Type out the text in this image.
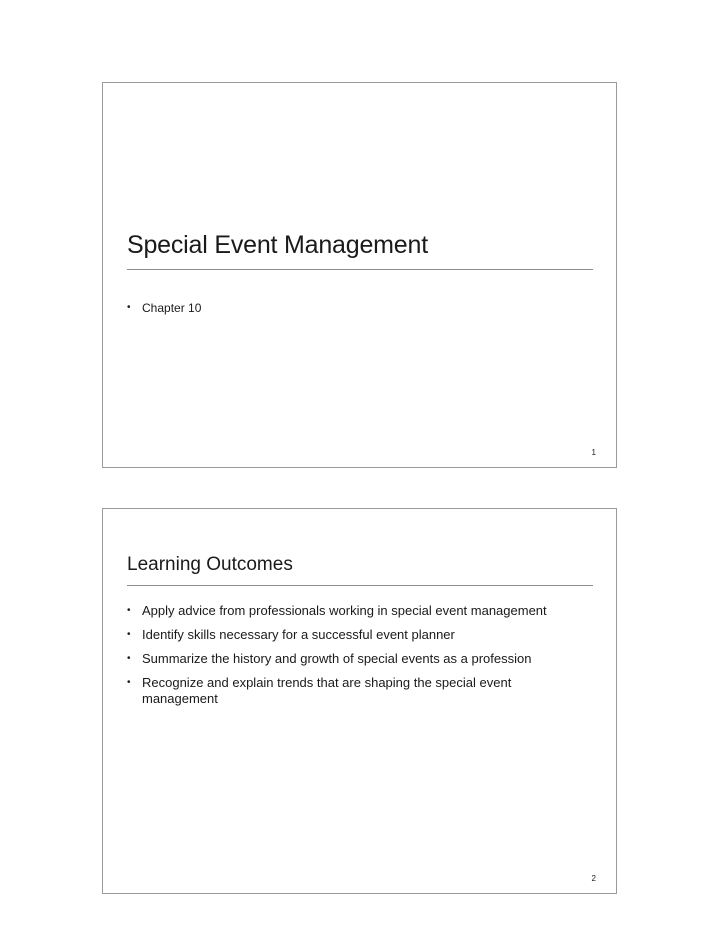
Special Event Management
• Chapter 10
1
Learning Outcomes
• Apply advice from professionals working in special event management
• Identify skills necessary for a successful event planner
• Summarize the history and growth of special events as a profession
• Recognize and explain trends that are shaping the special event management
2
